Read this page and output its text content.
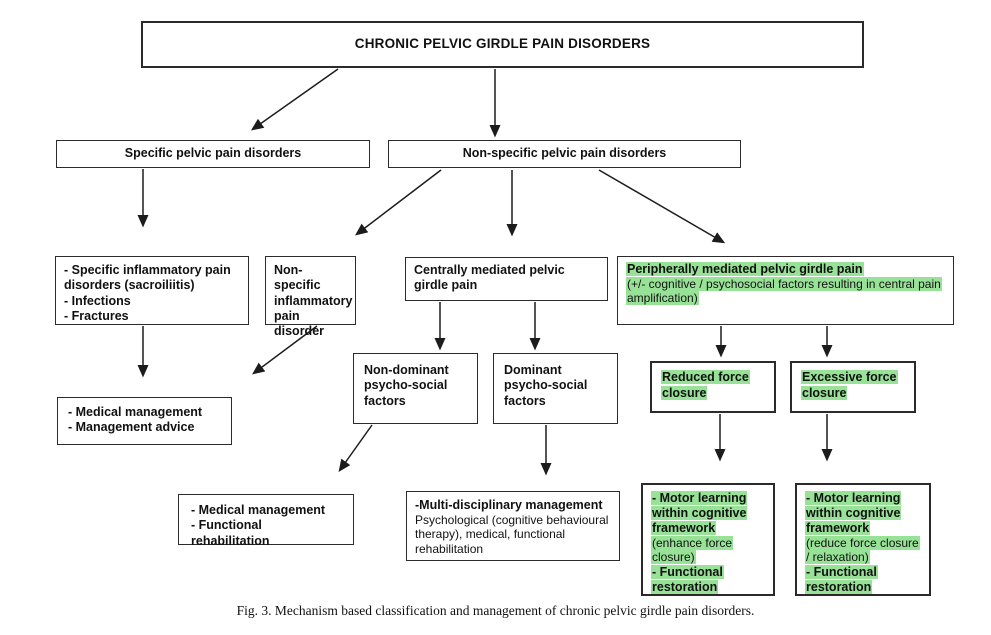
CHRONIC PELVIC GIRDLE PAIN DISORDERS
Specific pelvic pain disorders	Non-specific pelvic pain disorders
- Specific inflammatory pain disorders (sacroiliitis)
- Infections
- Fractures
Non-specific inflammatory pain disorder
Centrally mediated pelvic girdle pain
Peripherally mediated pelvic girdle pain
(+/- cognitive / psychosocial factors resulting in central pain amplification)
Non-dominant psycho-social factors
Dominant psycho-social factors
Reduced force closure
Excessive force closure
- Medical management
- Management advice
- Medical management
- Functional rehabilitation
-Multi-disciplinary management
Psychological (cognitive behavioural therapy), medical, functional rehabilitation
- Motor learning within cognitive framework
(enhance force closure)
- Functional restoration
- Motor learning within cognitive framework
(reduce force closure / relaxation)
- Functional restoration
Fig. 3. Mechanism based classification and management of chronic pelvic girdle pain disorders.
